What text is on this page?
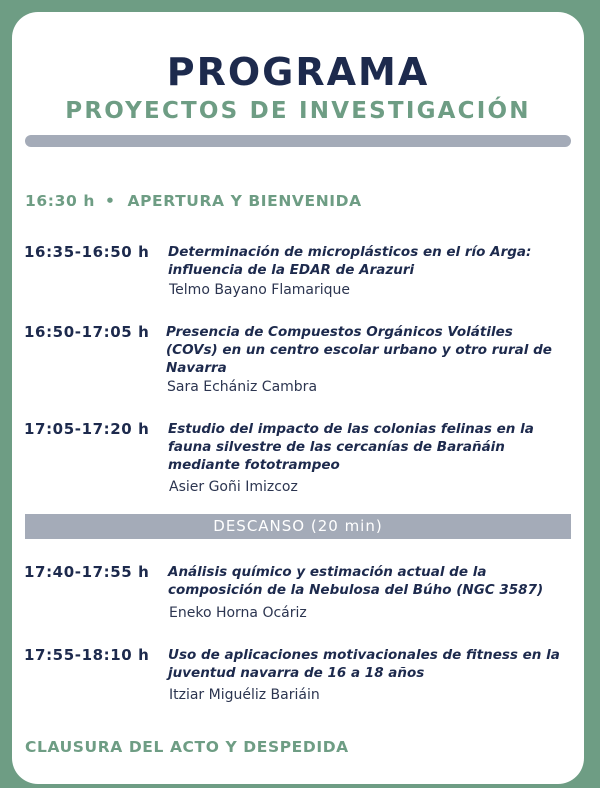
PROGRAMA
PROYECTOS DE INVESTIGACIÓN
16:30 h • APERTURA Y BIENVENIDA
16:35-16:50 h Determinación de microplásticos en el río Arga: influencia de la EDAR de Arazuri
Telmo Bayano Flamarique
16:50-17:05 h Presencia de Compuestos Orgánicos Volátiles (COVs) en un centro escolar urbano y otro rural de Navarra
Sara Echániz Cambra
17:05-17:20 h Estudio del impacto de las colonias felinas en la fauna silvestre de las cercanías de Barañáin mediante fototrampeo
Asier Goñi Imizcoz
DESCANSO (20 min)
17:40-17:55 h Análisis químico y estimación actual de la composición de la Nebulosa del Búho (NGC 3587)
Eneko Horna Ocáriz
17:55-18:10 h Uso de aplicaciones motivacionales de fitness en la juventud navarra de 16 a 18 años
Itziar Miguéliz Bariáin
CLAUSURA DEL ACTO Y DESPEDIDA
